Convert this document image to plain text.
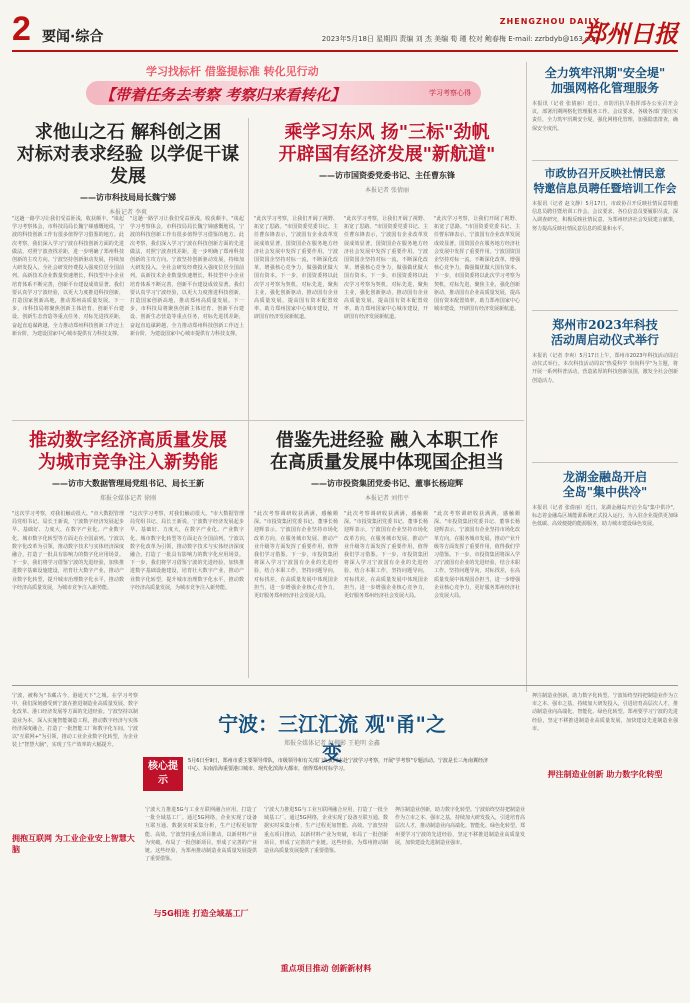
2 要闻·综合
ZHENGZHOU DAILY
2023年5月18日 星期四 责编 刘 杰 美编 荀 瑾 校对 鲍春梅 E-mail: zzrbdyb@163.com
郑州日报
学习找标杆 借鉴提标准 转化见行动
【带着任务去考察 考察归来看转化】	学习考察心得
求他山之石 解科创之困
对标对表求经验 以学促干谋发展
——访市科技局局长魏宁娣
本报记者 李爽
"这趟一路学习让我们受益匪浅，收获颇丰。"谈起学习考察体会，市科技局局长魏宁娣感慨地说，宁波的科技创新工作有很多值得学习借鉴的地方。此次考察，我们深入学习宁波在科技创新方面的先进做法，对照宁波查找差距，进一步明确了郑州科技创新的主攻方向。宁波坚持创新驱动发展，持续加大研发投入，全社会研发经费投入强度位居全国前列。高新技术企业数量快速增长，科技型中小企业培育体系不断完善，创新平台建设成效显著。我们要认真学习宁波经验，以更大力度推进科技创新，打造国家创新高地，推动郑州高质量发展。下一步，市科技局将聚焦创新主体培育、创新平台建设、创新生态营造等重点任务，对标先进找差距，奋起直追谋跨越，全力推动郑州科技创新工作迈上新台阶，为建设国家中心城市提供有力科技支撑。
"这趟一路学习让我们受益匪浅，收获颇丰。"谈起学习考察体会，市科技局局长魏宁娣感慨地说，宁波的科技创新工作有很多值得学习借鉴的地方。此次考察，我们深入学习宁波在科技创新方面的先进做法，对照宁波查找差距，进一步明确了郑州科技创新的主攻方向。宁波坚持创新驱动发展，持续加大研发投入，全社会研发经费投入强度位居全国前列。高新技术企业数量快速增长，科技型中小企业培育体系不断完善，创新平台建设成效显著。我们要认真学习宁波经验，以更大力度推进科技创新，打造国家创新高地，推动郑州高质量发展。下一步，市科技局将聚焦创新主体培育、创新平台建设、创新生态营造等重点任务，对标先进找差距，奋起直追谋跨越，全力推动郑州科技创新工作迈上新台阶，为建设国家中心城市提供有力科技支撑。
乘学习东风 扬"三标"劲帆
开辟国有经济发展"新航道"
——访市国资委党委书记、主任曹东锋
本报记者 张倩丽
"此次学习考察，让我们开阔了视野、拓宽了思路。"市国资委党委书记、主任曹东锋表示，宁波国有企业改革发展成效显著，国资国企在服务地方经济社会发展中发挥了重要作用。宁波国资国企坚持对标一流，不断深化改革，增强核心竞争力，做强做优做大国有资本。下一步，市国资委将以此次学习考察为契机，对标先进，聚焦主业，强化创新驱动，推动国有企业高质量发展，提高国有资本配置效率，助力郑州国家中心城市建设，开辟国有经济发展新航道。
"此次学习考察，让我们开阔了视野、拓宽了思路。"市国资委党委书记、主任曹东锋表示，宁波国有企业改革发展成效显著，国资国企在服务地方经济社会发展中发挥了重要作用。宁波国资国企坚持对标一流，不断深化改革，增强核心竞争力，做强做优做大国有资本。下一步，市国资委将以此次学习考察为契机，对标先进，聚焦主业，强化创新驱动，推动国有企业高质量发展，提高国有资本配置效率，助力郑州国家中心城市建设，开辟国有经济发展新航道。
"此次学习考察，让我们开阔了视野、拓宽了思路。"市国资委党委书记、主任曹东锋表示，宁波国有企业改革发展成效显著，国资国企在服务地方经济社会发展中发挥了重要作用。宁波国资国企坚持对标一流，不断深化改革，增强核心竞争力，做强做优做大国有资本。下一步，市国资委将以此次学习考察为契机，对标先进，聚焦主业，强化创新驱动，推动国有企业高质量发展，提高国有资本配置效率，助力郑州国家中心城市建设，开辟国有经济发展新航道。
推动数字经济高质量发展
为城市竞争注入新势能
——访市大数据管理局党组书记、局长王新
郑报全媒体记者 徐刚
"这次学习考察，对我们触动很大。"市大数据管理局党组书记、局长王新说，宁波数字经济发展起步早、基础好、力度大，在数字产业化、产业数字化、城市数字化转型等方面走在全国前列。宁波以数字化改革为引领，推动数字技术与实体经济深度融合，打造了一批具有影响力的数字化应用场景。下一步，我们将学习借鉴宁波的先进经验，加快推进数字基础设施建设，培育壮大数字产业，推动产业数字化转型，提升城市治理数字化水平，推动数字经济高质量发展，为城市竞争注入新势能。
"这次学习考察，对我们触动很大。"市大数据管理局党组书记、局长王新说，宁波数字经济发展起步早、基础好、力度大，在数字产业化、产业数字化、城市数字化转型等方面走在全国前列。宁波以数字化改革为引领，推动数字技术与实体经济深度融合，打造了一批具有影响力的数字化应用场景。下一步，我们将学习借鉴宁波的先进经验，加快推进数字基础设施建设，培育壮大数字产业，推动产业数字化转型，提升城市治理数字化水平，推动数字经济高质量发展，为城市竞争注入新势能。
借鉴先进经验 融入本职工作
在高质量发展中体现国企担当
——访市投资集团党委书记、董事长杨迎辉
本报记者 刘伟平
"此次考察调研收获满满，感触颇深。"市投资集团党委书记、董事长杨迎辉表示，宁波国有企业坚持市场化改革方向，在服务城市发展、推动产业升级等方面发挥了重要作用，值得我们学习借鉴。下一步，市投资集团将深入学习宁波国有企业的先进经验，结合本职工作，坚持问题导向，对标找差，在高质量发展中体现国企担当，进一步增强企业核心竞争力，更好服务郑州经济社会发展大局。
"此次考察调研收获满满，感触颇深。"市投资集团党委书记、董事长杨迎辉表示，宁波国有企业坚持市场化改革方向，在服务城市发展、推动产业升级等方面发挥了重要作用，值得我们学习借鉴。下一步，市投资集团将深入学习宁波国有企业的先进经验，结合本职工作，坚持问题导向，对标找差，在高质量发展中体现国企担当，进一步增强企业核心竞争力，更好服务郑州经济社会发展大局。
"此次考察调研收获满满，感触颇深。"市投资集团党委书记、董事长杨迎辉表示，宁波国有企业坚持市场化改革方向，在服务城市发展、推动产业升级等方面发挥了重要作用，值得我们学习借鉴。下一步，市投资集团将深入学习宁波国有企业的先进经验，结合本职工作，坚持问题导向，对标找差，在高质量发展中体现国企担当，进一步增强企业核心竞争力，更好服务郑州经济社会发展大局。
全力筑牢汛期"安全堤"
加强网格化管理服务
本报讯（记者 张倩丽）近日，市防汛抗旱指挥部办公室召开会议，部署汛期网格化管理服务工作。会议要求，各级各部门要压实责任，全力筑牢汛期安全堤，强化网格化管理，加强隐患排查，确保安全度汛。
市政协召开反映社情民意
特邀信息员聘任暨培训工作会
本报讯（记者 赵文静）5月17日，市政协召开反映社情民意特邀信息员聘任暨培训工作会。会议要求，各位信息员要履职尽责，深入调查研究，积极反映社情民意，为郑州经济社会发展建言献策，努力提高反映社情民意信息的质量和水平。
郑州市2023年科技
活动周启动仪式举行
本报讯（记者 李爽）5月17日上午，郑州市2023年科技活动周启动仪式举行。本次科技活动周以"热爱科学 崇尚科学"为主题，将开展一系列科普活动，营造浓厚的科技创新氛围，激发全社会创新创造活力。
龙湖金融岛开启
全岛"集中供冷"
本报讯（记者 张倩丽）近日，龙湖金融岛开启全岛"集中供冷"，标志着金融岛区域能源系统正式投入运行，为入驻企业提供更加绿色低碳、高效便捷的能源服务，助力城市建设绿色发展。
宁波，被称为"书藏古今，港通天下"之城。在学习考察中，我们深刻感受到宁波在推进制造业高质量发展、数字化改革、港口经济发展等方面的先进经验。宁波坚持以制造业为本，深入实施智能制造工程，推动数字经济与实体经济深度融合，打造了一批智能工厂和数字化车间。宁波以"互联网+"为引领，推动工业企业数字化转型，为企业装上"智慧大脑"，实现了生产效率的大幅提升。
宁波：三江汇流 观"甬"之变
郑报全媒体记者 赵柳影 王艳明 金鑫
核心提示
5月6日至9日，郑州市委主要领导带队，市级领导和有关部门负责同志赴宁波学习考察，开展"学考察"专题活动。宁波是长三角南翼经济中心、东南沿海重要港口城市、现代化滨海大都市，值得郑州对标学习。
拥抱互联网 为工业企业安上智慧大脑
宁波大力推进5G与工业互联网融合应用，打造了一批全域基工厂。通过5G网络，企业实现了设备互联互通、数据实时采集分析，生产过程更加智能、高效。宁波坚持重点项目推动，以新材料产业为突破，布局了一批创新项目，形成了完善的产业链。这些经验，为郑州推动制造业高质量发展提供了重要借鉴。
与5G相连 打造全域基工厂
宁波大力推进5G与工业互联网融合应用，打造了一批全域基工厂。通过5G网络，企业实现了设备互联互通、数据实时采集分析，生产过程更加智能、高效。宁波坚持重点项目推动，以新材料产业为突破，布局了一批创新项目，形成了完善的产业链。这些经验，为郑州推动制造业高质量发展提供了重要借鉴。
重点项目推动 创新新材料
押注制造业创新，助力数字化转型。宁波始终坚持把制造业作为立市之本、强市之基，持续加大研发投入，引进培育高层次人才，推动制造业向高端化、智能化、绿色化转型。郑州要学习宁波的先进经验，坚定不移推进制造业高质量发展，加快建设先进制造业强市。
押注制造业创新，助力数字化转型。宁波始终坚持把制造业作为立市之本、强市之基，持续加大研发投入，引进培育高层次人才，推动制造业向高端化、智能化、绿色化转型。郑州要学习宁波的先进经验，坚定不移推进制造业高质量发展，加快建设先进制造业强市。
押注制造业创新 助力数字化转型
